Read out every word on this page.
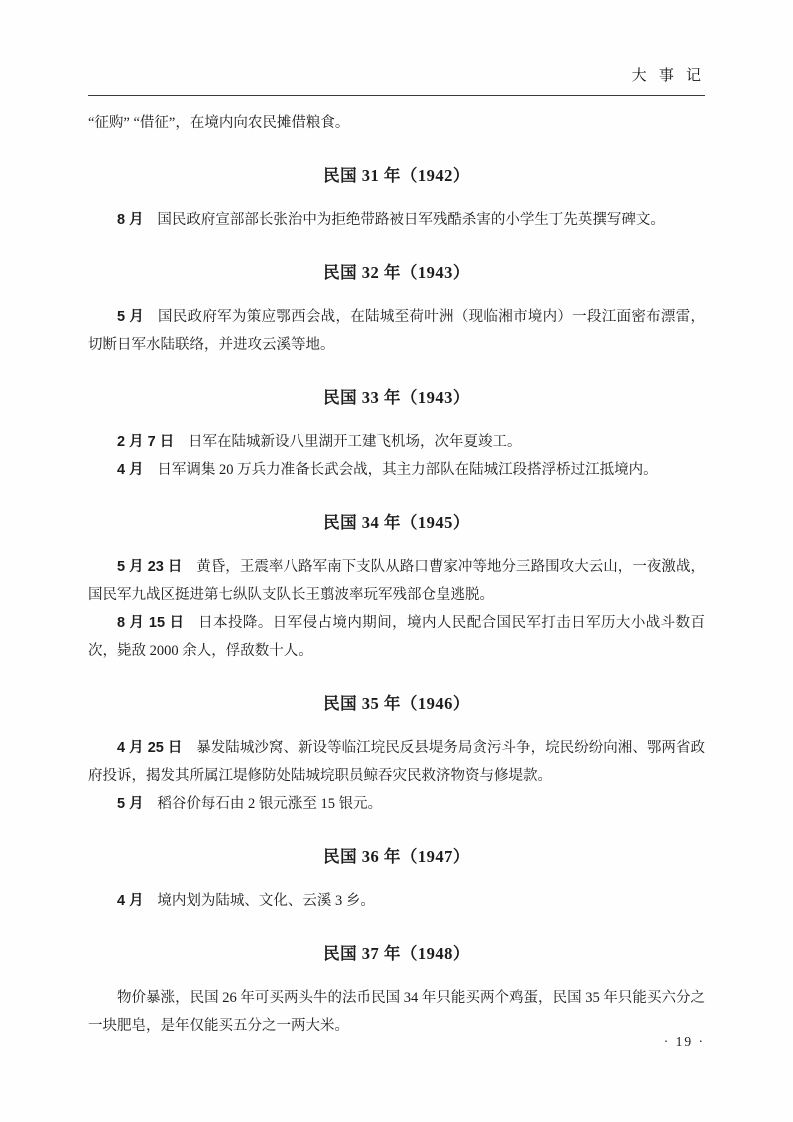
大 事 记

“征购” “借征”，在境内向农民摊借粮食。

民国 31 年（1942）

8 月 国民政府宣部部长张治中为拒绝带路被日军残酷杀害的小学生丁先英撰写碑文。

民国 32 年（1943）

5 月 国民政府军为策应鄂西会战，在陆城至荷叶洲（现临湘市境内）一段江面密布漂雷，切断日军水陆联络，并进攻云溪等地。

民国 33 年（1943）

2 月 7 日 日军在陆城新设八里湖开工建飞机场，次年夏竣工。

4 月 日军调集 20 万兵力准备长武会战，其主力部队在陆城江段搭浮桥过江抵境内。

民国 34 年（1945）

5 月 23 日 黄昏，王震率八路军南下支队从路口曹家冲等地分三路围攻大云山，一夜激战，国民军九战区挺进第七纵队支队长王翦波率玩军残部仓皇逃脱。

8 月 15 日 日本投降。日军侵占境内期间，境内人民配合国民军打击日军历大小战斗数百次，毙敌 2000 余人，俘敌数十人。

民国 35 年（1946）

4 月 25 日 暴发陆城沙窝、新设等临江垸民反县堤务局贪污斗争，垸民纷纷向湘、鄂两省政府投诉，揭发其所属江堤修防处陆城垸职员鲸吞灾民救济物资与修堤款。

5 月 稻谷价每石由 2 银元涨至 15 银元。

民国 36 年（1947）

4 月 境内划为陆城、文化、云溪 3 乡。

民国 37 年（1948）

物价暴涨，民国 26 年可买两头牛的法币民国 34 年只能买两个鸡蛋，民国 35 年只能买六分之一块肥皂，是年仅能买五分之一两大米。

· 19 ·
